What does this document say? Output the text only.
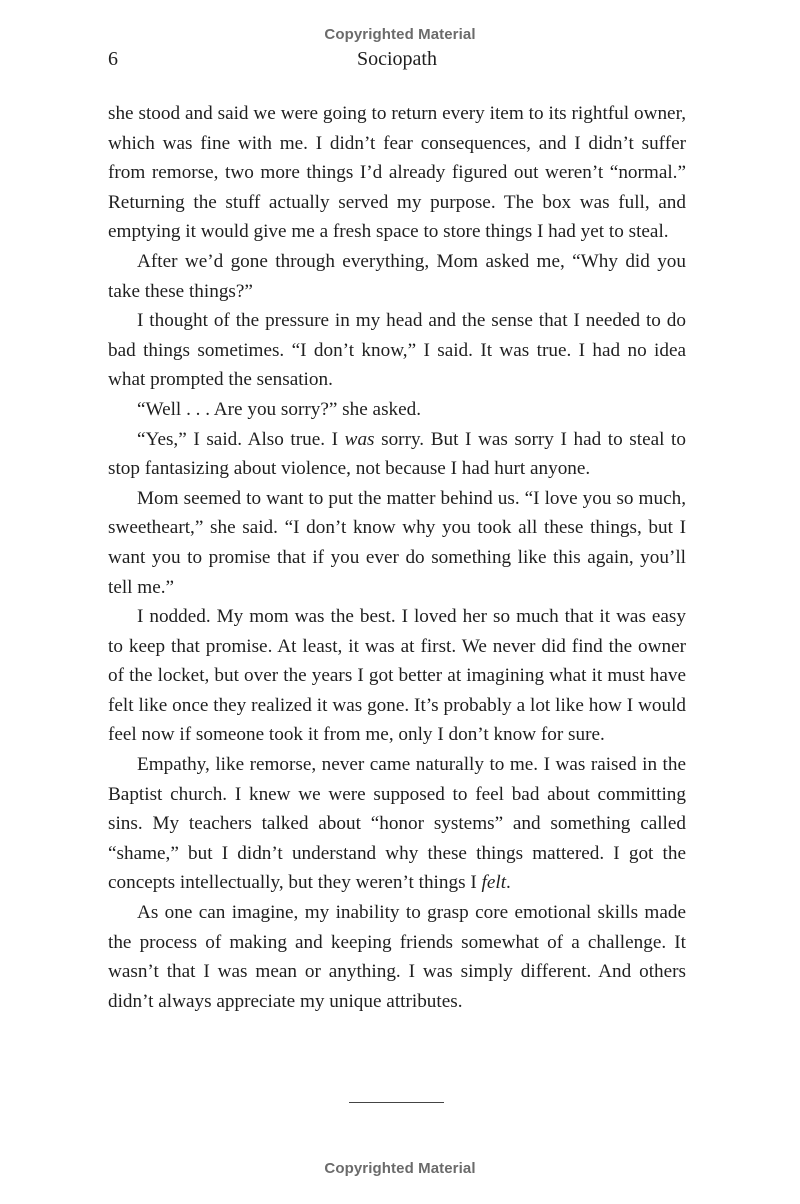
Copyrighted Material
6	Sociopath

she stood and said we were going to return every item to its rightful owner, which was fine with me. I didn’t fear consequences, and I didn’t suffer from remorse, two more things I’d already figured out weren’t “normal.” Returning the stuff actually served my purpose. The box was full, and emptying it would give me a fresh space to store things I had yet to steal.

After we’d gone through everything, Mom asked me, “Why did you take these things?”

I thought of the pressure in my head and the sense that I needed to do bad things sometimes. “I don’t know,” I said. It was true. I had no idea what prompted the sensation.

“Well . . . Are you sorry?” she asked.

“Yes,” I said. Also true. I was sorry. But I was sorry I had to steal to stop fantasizing about violence, not because I had hurt anyone.

Mom seemed to want to put the matter behind us. “I love you so much, sweetheart,” she said. “I don’t know why you took all these things, but I want you to promise that if you ever do something like this again, you’ll tell me.”

I nodded. My mom was the best. I loved her so much that it was easy to keep that promise. At least, it was at first. We never did find the owner of the locket, but over the years I got better at imagining what it must have felt like once they realized it was gone. It’s probably a lot like how I would feel now if someone took it from me, only I don’t know for sure.

Empathy, like remorse, never came naturally to me. I was raised in the Baptist church. I knew we were supposed to feel bad about committing sins. My teachers talked about “honor systems” and something called “shame,” but I didn’t understand why these things mattered. I got the concepts intellectually, but they weren’t things I felt.

As one can imagine, my inability to grasp core emotional skills made the process of making and keeping friends somewhat of a challenge. It wasn’t that I was mean or anything. I was simply different. And others didn’t always appreciate my unique attributes.

Copyrighted Material
